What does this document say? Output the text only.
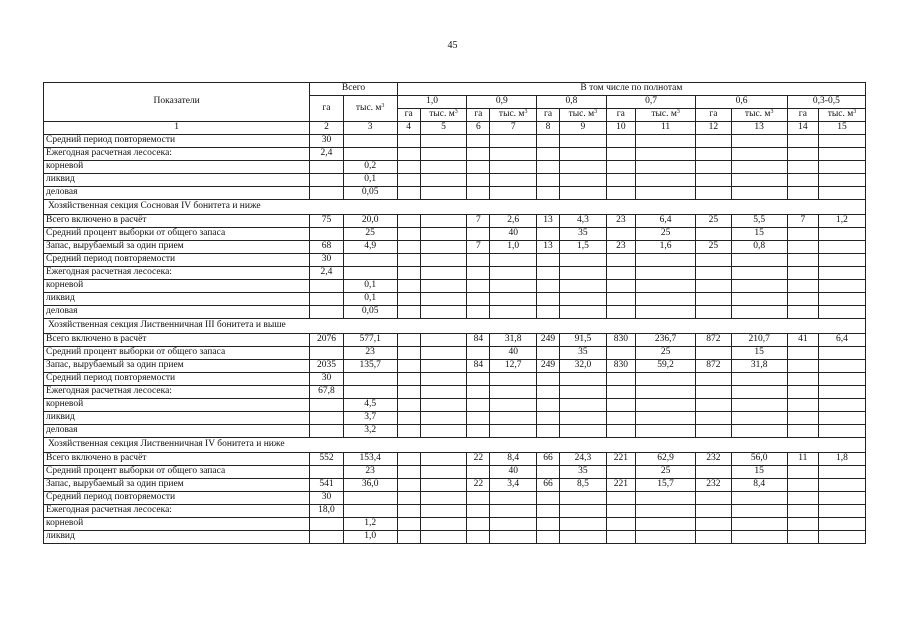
45
Показатели	Всего		В том числе по полнотам											
	га	тыс. $м^3$	1,0		0,9		0,8		0,7		0,6		0,3-0,5	
			га	тыс. $м^3$	га	тыс. $м^3$	га	тыс. $м^3$	га	тыс. $м^3$	га	тыс. $м^3$	га	тыс. $м^3$
1	2	3	4	5	6	7	8	9	10	11	12	13	14	15
Средний период повторяемости	30													
Ежегодная расчетная лесосека:	2,4													
корневой		0,2												
ликвид		0,1												
деловая		0,05												
Хозяйственная секция Сосновая IV бонитета и ниже														
Всего включено в расчёт	75	20,0			7	2,6	13	4,3	23	6,4	25	5,5	7	1,2
Средний процент выборки от общего запаса		25				40		35		25		15		
Запас, вырубаемый за один прием	68	4,9			7	1,0	13	1,5	23	1,6	25	0,8		
Средний период повторяемости	30													
Ежегодная расчетная лесосека:	2,4													
корневой		0,1												
ликвид		0,1												
деловая		0,05												
Хозяйственная секция Лиственничная III бонитета и выше														
Всего включено в расчёт	2076	577,1			84	31,8	249	91,5	830	236,7	872	210,7	41	6,4
Средний процент выборки от общего запаса		23				40		35		25		15		
Запас, вырубаемый за один прием	2035	135,7			84	12,7	249	32,0	830	59,2	872	31,8		
Средний период повторяемости	30													
Ежегодная расчетная лесосека:	67,8													
корневой		4,5												
ликвид		3,7												
деловая		3,2												
Хозяйственная секция Лиственничная IV бонитета и ниже														
Всего включено в расчёт	552	153,4			22	8,4	66	24,3	221	62,9	232	56,0	11	1,8
Средний процент выборки от общего запаса		23				40		35		25		15		
Запас, вырубаемый за один прием	541	36,0			22	3,4	66	8,5	221	15,7	232	8,4		
Средний период повторяемости	30													
Ежегодная расчетная лесосека:	18,0													
корневой		1,2												
ликвид		1,0												
